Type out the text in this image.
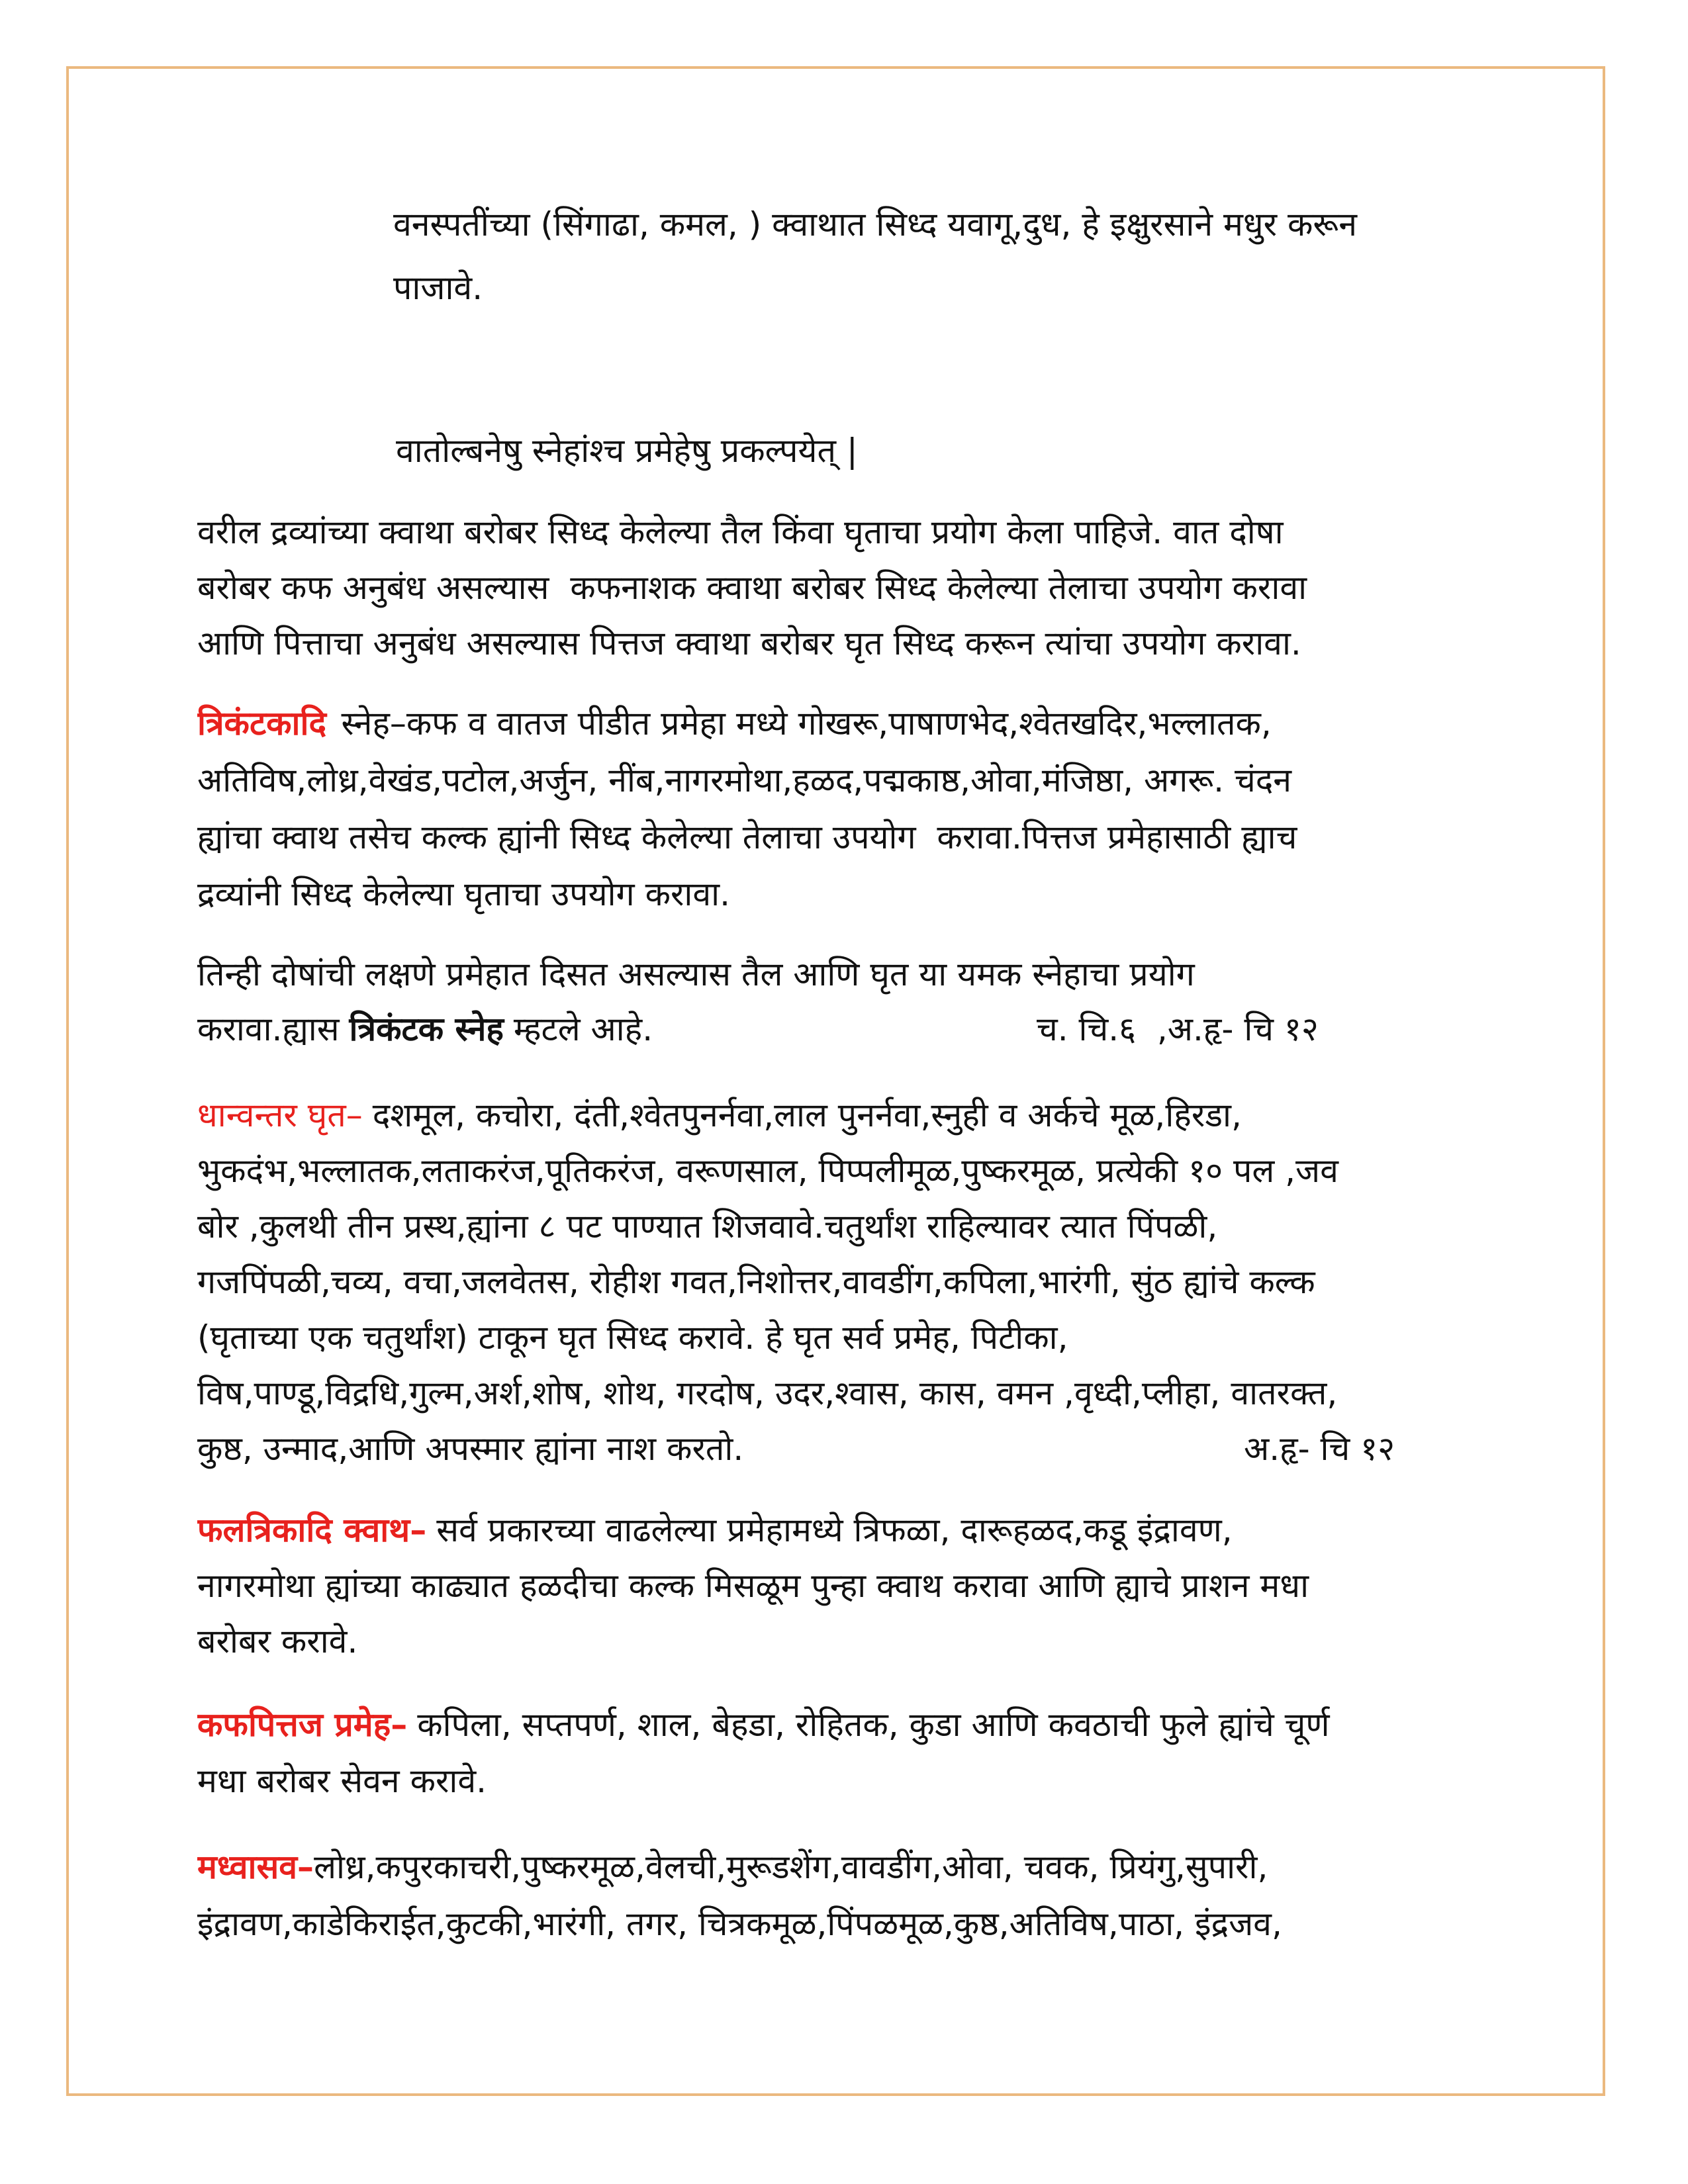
वनस्पतींच्या (सिंगाढा, कमल, ) क्वाथात सिध्द यवागू,दुध, हे इक्षुरसाने मधुर करून
पाजावे.

वातोल्बनेषु स्नेहांश्च प्रमेहेषु प्रकल्पयेत् |

वरील द्रव्यांच्या क्वाथा बरोबर सिध्द केलेल्या तैल किंवा घृताचा प्रयोग केला पाहिजे. वात दोषा
बरोबर कफ अनुबंध असल्यास  कफनाशक क्वाथा बरोबर सिध्द केलेल्या तेलाचा उपयोग करावा
आणि पित्ताचा अनुबंध असल्यास पित्तज क्वाथा बरोबर घृत सिध्द करून त्यांचा उपयोग करावा.
त्रिकंटकादि स्नेह–कफ व वातज पीडीत प्रमेहा मध्ये गोखरू,पाषाणभेद,श्वेतखदिर,भल्लातक,
अतिविष,लोध्र,वेखंड,पटोल,अर्जुन, नींब,नागरमोथा,हळद,पद्मकाष्ठ,ओवा,मंजिष्ठा, अगरू. चंदन
ह्यांचा क्वाथ तसेच कल्क ह्यांनी सिध्द केलेल्या तेलाचा उपयोग  करावा.पित्तज प्रमेहासाठी ह्याच
द्रव्यांनी सिध्द केलेल्या घृताचा उपयोग करावा.
तिन्ही दोषांची लक्षणे प्रमेहात दिसत असल्यास तैल आणि घृत या यमक स्नेहाचा प्रयोग
करावा.ह्यास त्रिकंटक स्नेह म्हटले आहे.	च. चि.६  ,अ.हृ- चि १२
धान्वन्तर घृत– दशमूल, कचोरा, दंती,श्वेतपुनर्नवा,लाल पुनर्नवा,स्नुही व अर्कचे मूळ,हिरडा,
भुकदंभ,भल्लातक,लताकरंज,पूतिकरंज, वरूणसाल, पिप्पलीमूळ,पुष्करमूळ, प्रत्येकी १० पल ,जव
बोर ,कुलथी तीन प्रस्थ,ह्यांना ८ पट पाण्यात शिजवावे.चतुर्थांश राहिल्यावर त्यात पिंपळी,
गजपिंपळी,चव्य, वचा,जलवेतस, रोहीश गवत,निशोत्तर,वावडींग,कपिला,भारंगी, सुंठ ह्यांचे कल्क
(घृताच्या एक चतुर्थांश) टाकून घृत सिध्द करावे. हे घृत सर्व प्रमेह, पिटीका,
विष,पाण्डू,विद्रधि,गुल्म,अर्श,शोष, शोथ, गरदोष, उदर,श्वास, कास, वमन ,वृध्दी,प्लीहा, वातरक्त,
कुष्ठ, उन्माद,आणि अपस्मार ह्यांना नाश करतो.	अ.हृ- चि १२
फलत्रिकादि क्वाथ– सर्व प्रकारच्या वाढलेल्या प्रमेहामध्ये त्रिफळा, दारूहळद,कडू इंद्रावण,
नागरमोथा ह्यांच्या काढ्यात हळदीचा कल्क मिसळूम पुन्हा क्वाथ करावा आणि ह्याचे प्राशन मधा
बरोबर करावे.
कफपित्तज प्रमेह– कपिला, सप्तपर्ण, शाल, बेहडा, रोहितक, कुडा आणि कवठाची फुले ह्यांचे चूर्ण
मधा बरोबर सेवन करावे.
मध्वासव–लोध्र,कपुरकाचरी,पुष्करमूळ,वेलची,मुरूडशेंग,वावडींग,ओवा, चवक, प्रियंगु,सुपारी,
इंद्रावण,काडेकिराईत,कुटकी,भारंगी, तगर, चित्रकमूळ,पिंपळमूळ,कुष्ठ,अतिविष,पाठा, इंद्रजव,
